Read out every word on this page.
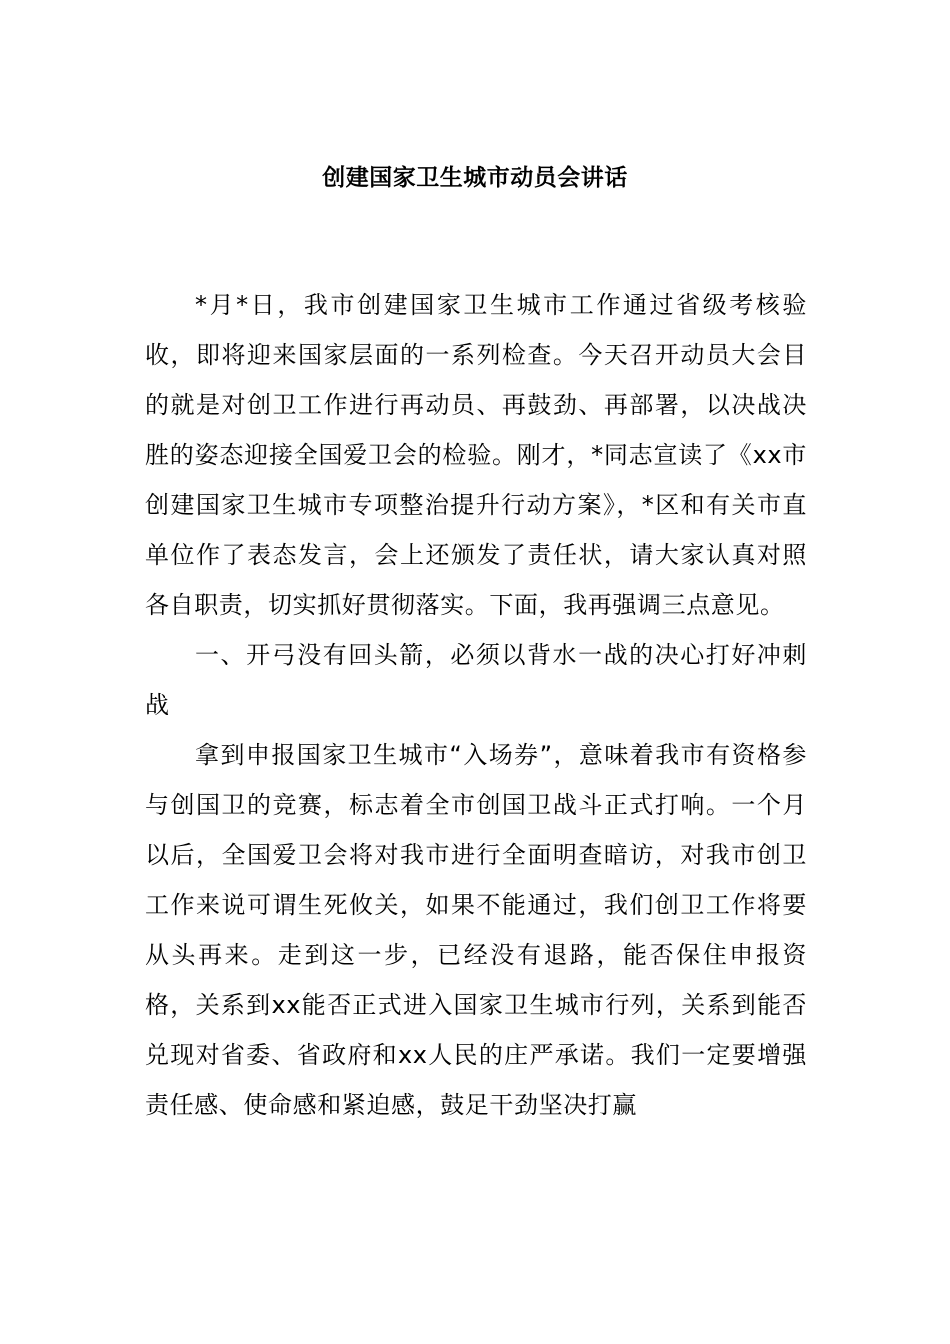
创建国家卫生城市动员会讲话

*月*日，我市创建国家卫生城市工作通过省级考核验收，即将迎来国家层面的一系列检查。今天召开动员大会目的就是对创卫工作进行再动员、再鼓劲、再部署，以决战决胜的姿态迎接全国爱卫会的检验。刚才，*同志宣读了《xx市创建国家卫生城市专项整治提升行动方案》，*区和有关市直单位作了表态发言，会上还颁发了责任状，请大家认真对照各自职责，切实抓好贯彻落实。下面，我再强调三点意见。

一、开弓没有回头箭，必须以背水一战的决心打好冲刺战

拿到申报国家卫生城市“入场券”，意味着我市有资格参与创国卫的竞赛，标志着全市创国卫战斗正式打响。一个月以后，全国爱卫会将对我市进行全面明查暗访，对我市创卫工作来说可谓生死攸关，如果不能通过，我们创卫工作将要从头再来。走到这一步，已经没有退路，能否保住申报资格，关系到xx能否正式进入国家卫生城市行列，关系到能否兑现对省委、省政府和xx人民的庄严承诺。我们一定要增强责任感、使命感和紧迫感，鼓足干劲坚决打赢
